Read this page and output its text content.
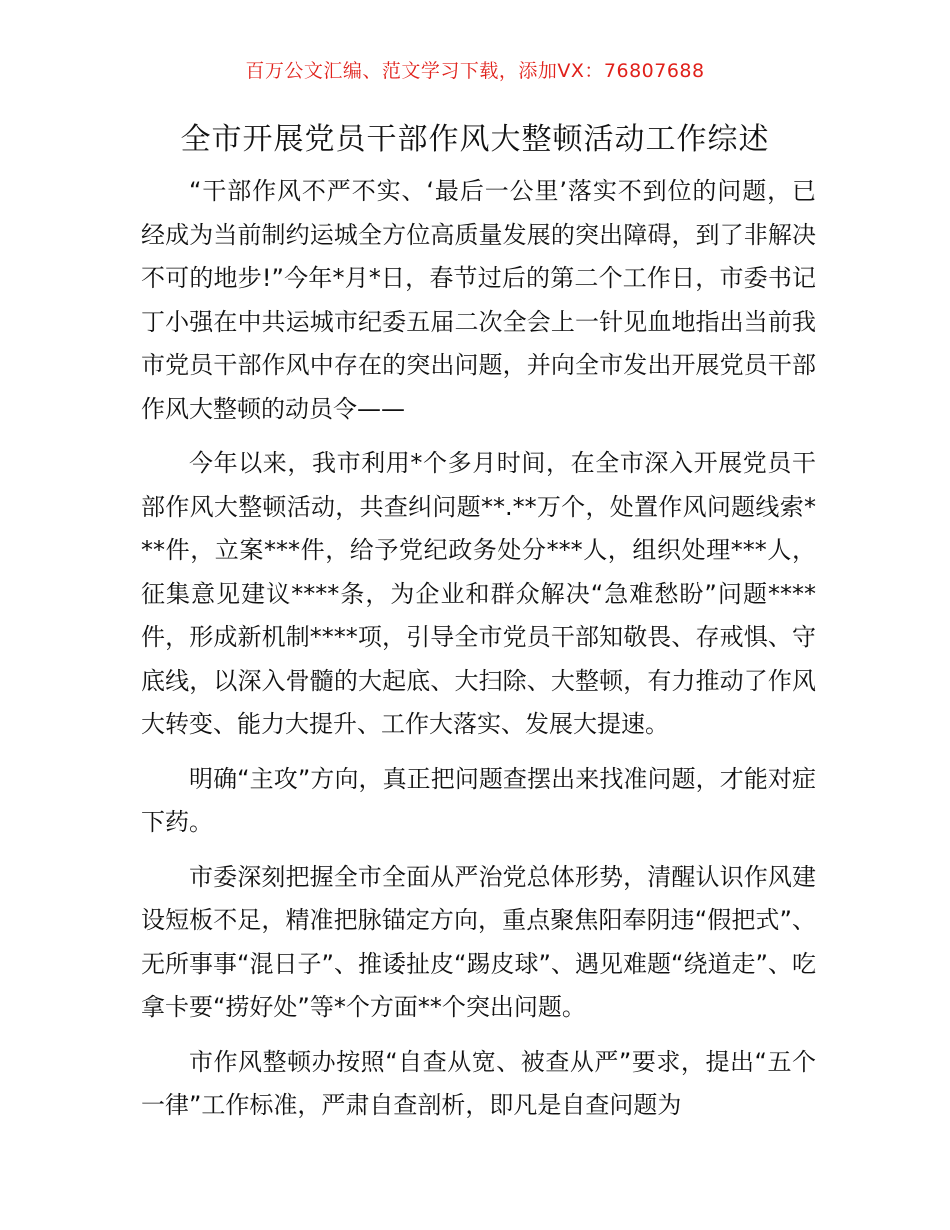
百万公文汇编、范文学习下载，添加VX：76807688
全市开展党员干部作风大整顿活动工作综述

“干部作风不严不实、‘最后一公里’落实不到位的问题，已经成为当前制约运城全方位高质量发展的突出障碍，到了非解决不可的地步!”今年*月*日，春节过后的第二个工作日，市委书记丁小强在中共运城市纪委五届二次全会上一针见血地指出当前我市党员干部作风中存在的突出问题，并向全市发出开展党员干部作风大整顿的动员令——

今年以来，我市利用*个多月时间，在全市深入开展党员干部作风大整顿活动，共查纠问题**.**万个，处置作风问题线索***件，立案***件，给予党纪政务处分***人，组织处理***人，征集意见建议****条，为企业和群众解决“急难愁盼”问题****件，形成新机制****项，引导全市党员干部知敬畏、存戒惧、守底线，以深入骨髓的大起底、大扫除、大整顿，有力推动了作风大转变、能力大提升、工作大落实、发展大提速。

明确“主攻”方向，真正把问题查摆出来找准问题，才能对症下药。

市委深刻把握全市全面从严治党总体形势，清醒认识作风建设短板不足，精准把脉锚定方向，重点聚焦阳奉阴违“假把式”、无所事事“混日子”、推诿扯皮“踢皮球”、遇见难题“绕道走”、吃拿卡要“捞好处”等*个方面**个突出问题。

市作风整顿办按照“自查从宽、被查从严”要求，提出“五个一律”工作标准，严肃自查剖析，即凡是自查问题为
